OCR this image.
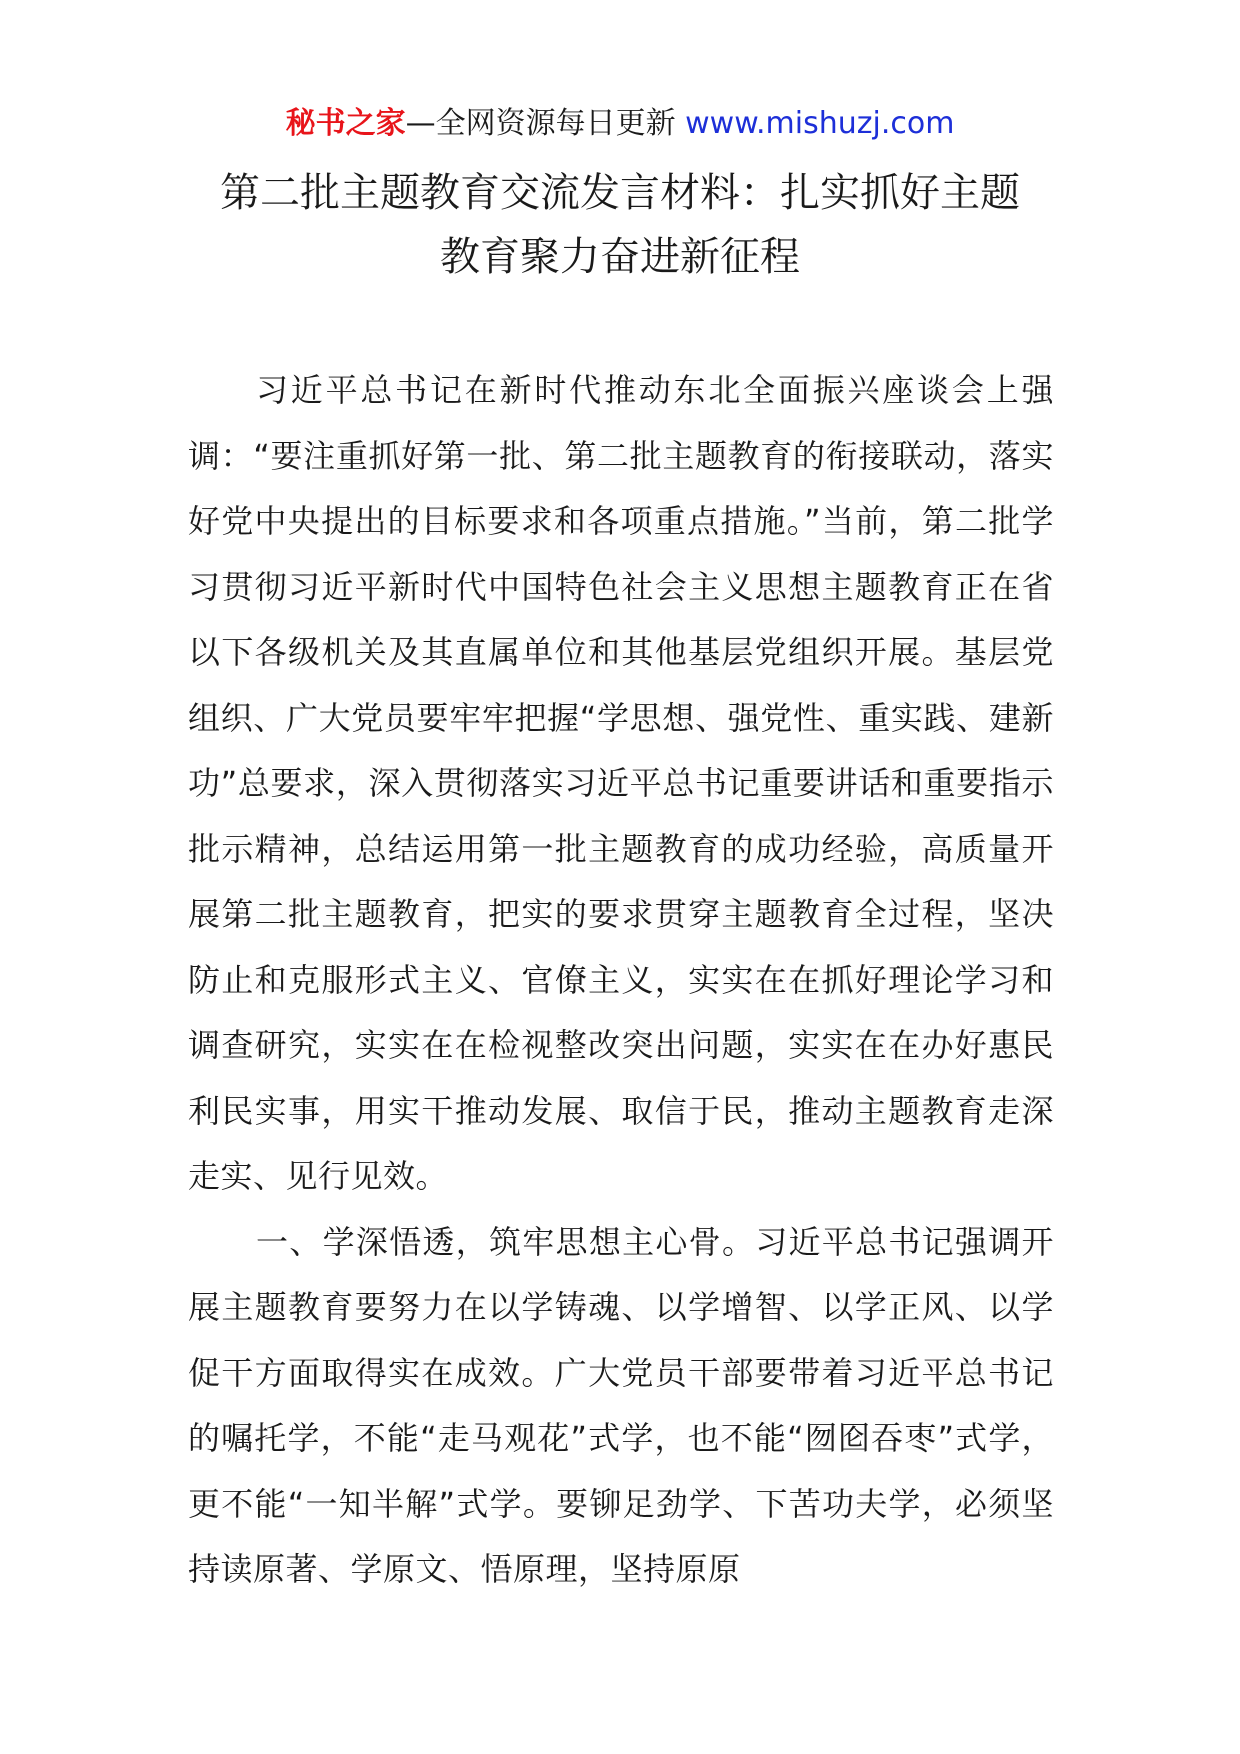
秘书之家—全网资源每日更新 www.mishuzj.com
第二批主题教育交流发言材料：扎实抓好主题
教育聚力奋进新征程

习近平总书记在新时代推动东北全面振兴座谈会上强调：“要注重抓好第一批、第二批主题教育的衔接联动，落实好党中央提出的目标要求和各项重点措施。”当前，第二批学习贯彻习近平新时代中国特色社会主义思想主题教育正在省以下各级机关及其直属单位和其他基层党组织开展。基层党组织、广大党员要牢牢把握“学思想、强党性、重实践、建新功”总要求，深入贯彻落实习近平总书记重要讲话和重要指示批示精神，总结运用第一批主题教育的成功经验，高质量开展第二批主题教育，把实的要求贯穿主题教育全过程，坚决防止和克服形式主义、官僚主义，实实在在抓好理论学习和调查研究，实实在在检视整改突出问题，实实在在办好惠民利民实事，用实干推动发展、取信于民，推动主题教育走深走实、见行见效。

一、学深悟透，筑牢思想主心骨。习近平总书记强调开展主题教育要努力在以学铸魂、以学增智、以学正风、以学促干方面取得实在成效。广大党员干部要带着习近平总书记的嘱托学，不能“走马观花”式学，也不能“囫囵吞枣”式学，更不能“一知半解”式学。要铆足劲学、下苦功夫学，必须坚持读原著、学原文、悟原理，坚持原原
